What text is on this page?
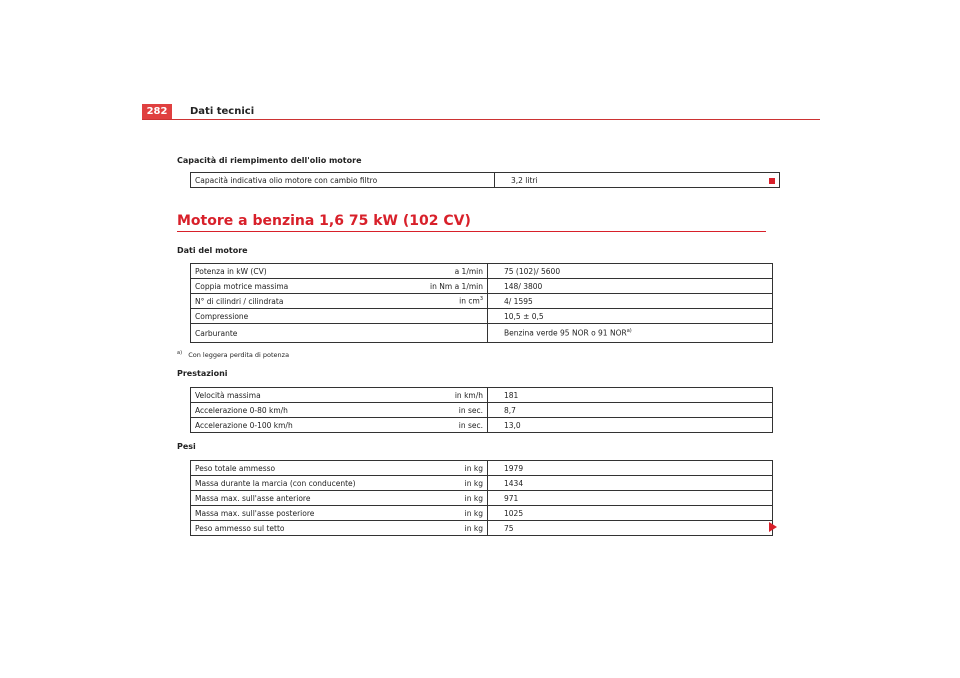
282	Dati tecnici
Capacità di riempimento dell'olio motore
Capacità indicativa olio motore con cambio filtro	3,2 litri
Motore a benzina 1,6 75 kW (102 CV)
Dati del motore
Potenza in kW (CV)	a 1/min	75 (102)/ 5600
Coppia motrice massima	in Nm a 1/min	148/ 3800
N° di cilindri / cilindrata	in $cm^3$	4/ 1595
Compressione		10,5 ± 0,5
Carburante		Benzina verde 95 NOR o 91 NOR$^{a)}$
$^{a)}$ Con leggera perdita di potenza
Prestazioni
Velocità massima	in km/h	181
Accelerazione 0-80 km/h	in sec.	8,7
Accelerazione 0-100 km/h	in sec.	13,0
Pesi
Peso totale ammesso	in kg	1979
Massa durante la marcia (con conducente)	in kg	1434
Massa max. sull'asse anteriore	in kg	971
Massa max. sull'asse posteriore	in kg	1025
Peso ammesso sul tetto	in kg	75
